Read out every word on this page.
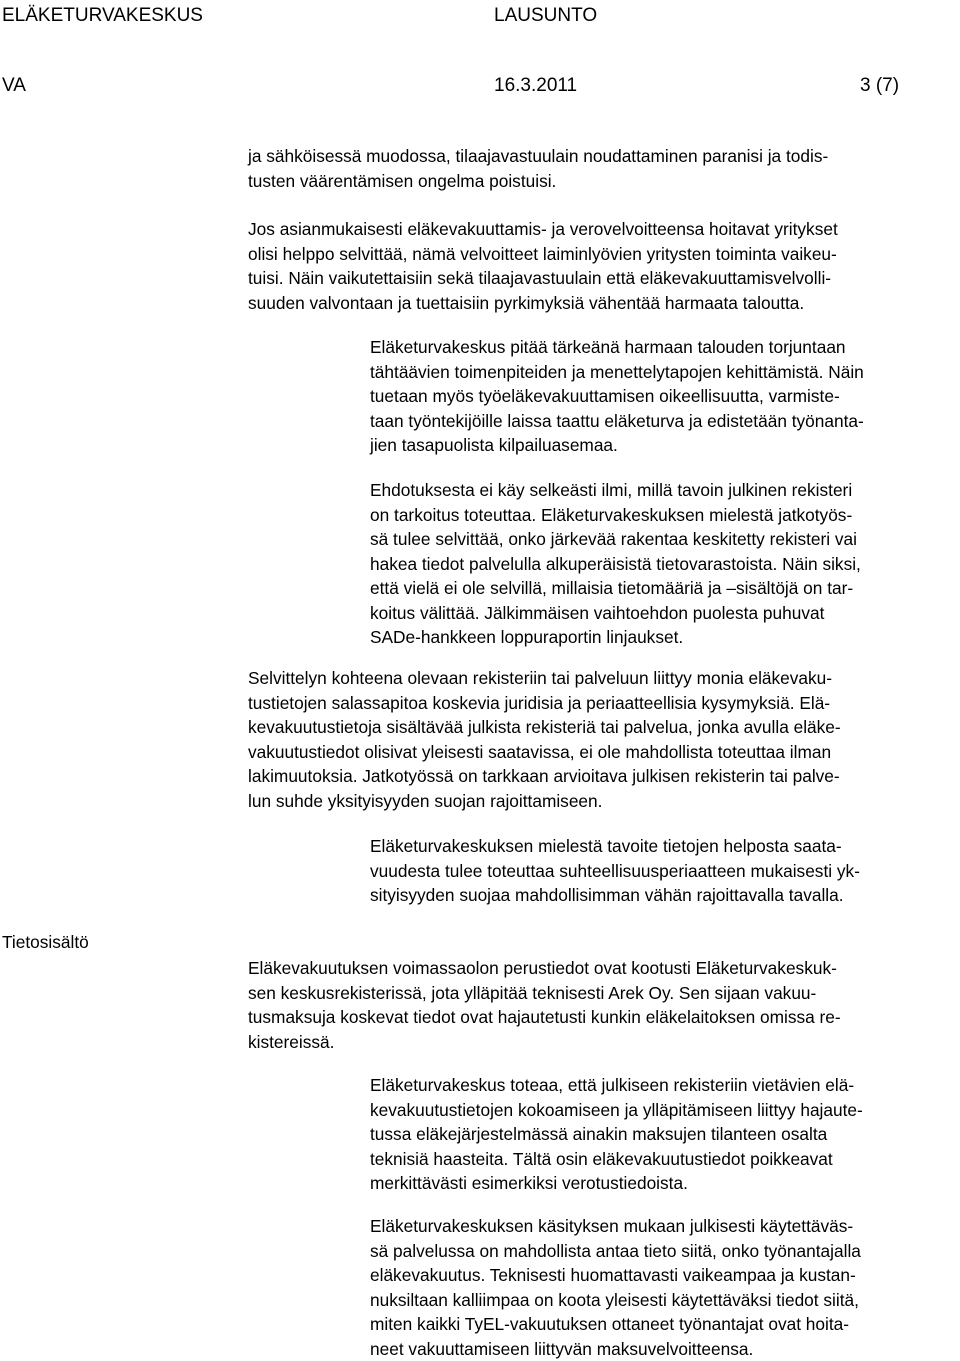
ELÄKETURVAKESKUS	LAUSUNTO
VA	16.3.2011	3 (7)
Tietosisältö
ja sähköisessä muodossa, tilaajavastuulain noudattaminen paranisi ja todis-
tusten väärentämisen ongelma poistuisi.
Jos asianmukaisesti eläkevakuuttamis- ja verovelvoitteensa hoitavat yritykset
olisi helppo selvittää, nämä velvoitteet laiminlyövien yritysten toiminta vaikeu-
tuisi. Näin vaikutettaisiin sekä tilaajavastuulain että eläkevakuuttamisvelvolli-
suuden valvontaan ja tuettaisiin pyrkimyksiä vähentää harmaata taloutta.
Eläketurvakeskus pitää tärkeänä harmaan talouden torjuntaan
tähtäävien toimenpiteiden ja menettelytapojen kehittämistä. Näin
tuetaan myös työeläkevakuuttamisen oikeellisuutta, varmiste-
taan työntekijöille laissa taattu eläketurva ja edistetään työnanta-
jien tasapuolista kilpailuasemaa.
Ehdotuksesta ei käy selkeästi ilmi, millä tavoin julkinen rekisteri
on tarkoitus toteuttaa. Eläketurvakeskuksen mielestä jatkotyös-
sä tulee selvittää, onko järkevää rakentaa keskitetty rekisteri vai
hakea tiedot palvelulla alkuperäisistä tietovarastoista. Näin siksi,
että vielä ei ole selvillä, millaisia tietomääriä ja –sisältöjä on tar-
koitus välittää. Jälkimmäisen vaihtoehdon puolesta puhuvat
SADe-hankkeen loppuraportin linjaukset.
Selvittelyn kohteena olevaan rekisteriin tai palveluun liittyy monia eläkevaku-
tustietojen salassapitoa koskevia juridisia ja periaatteellisia kysymyksiä. Elä-
kevakuutustietoja sisältävää julkista rekisteriä tai palvelua, jonka avulla eläke-
vakuutustiedot olisivat yleisesti saatavissa, ei ole mahdollista toteuttaa ilman
lakimuutoksia. Jatkotyössä on tarkkaan arvioitava julkisen rekisterin tai palve-
lun suhde yksityisyyden suojan rajoittamiseen.
Eläketurvakeskuksen mielestä tavoite tietojen helposta saata-
vuudesta tulee toteuttaa suhteellisuusperiaatteen mukaisesti yk-
sityisyyden suojaa mahdollisimman vähän rajoittavalla tavalla.
Eläkevakuutuksen voimassaolon perustiedot ovat kootusti Eläketurvakeskuk-
sen keskusrekisterissä, jota ylläpitää teknisesti Arek Oy. Sen sijaan vakuu-
tusmaksuja koskevat tiedot ovat hajautetusti kunkin eläkelaitoksen omissa re-
kistereissä.
Eläketurvakeskus toteaa, että julkiseen rekisteriin vietävien elä-
kevakuutustietojen kokoamiseen ja ylläpitämiseen liittyy hajaute-
tussa eläkejärjestelmässä ainakin maksujen tilanteen osalta
teknisiä haasteita. Tältä osin eläkevakuutustiedot poikkeavat
merkittävästi esimerkiksi verotustiedoista.
Eläketurvakeskuksen käsityksen mukaan julkisesti käytettäväs-
sä palvelussa on mahdollista antaa tieto siitä, onko työnantajalla
eläkevakuutus. Teknisesti huomattavasti vaikeampaa ja kustan-
nuksiltaan kalliimpaa on koota yleisesti käytettäväksi tiedot siitä,
miten kaikki TyEL-vakuutuksen ottaneet työnantajat ovat hoita-
neet vakuuttamiseen liittyvän maksuvelvoitteensa.
